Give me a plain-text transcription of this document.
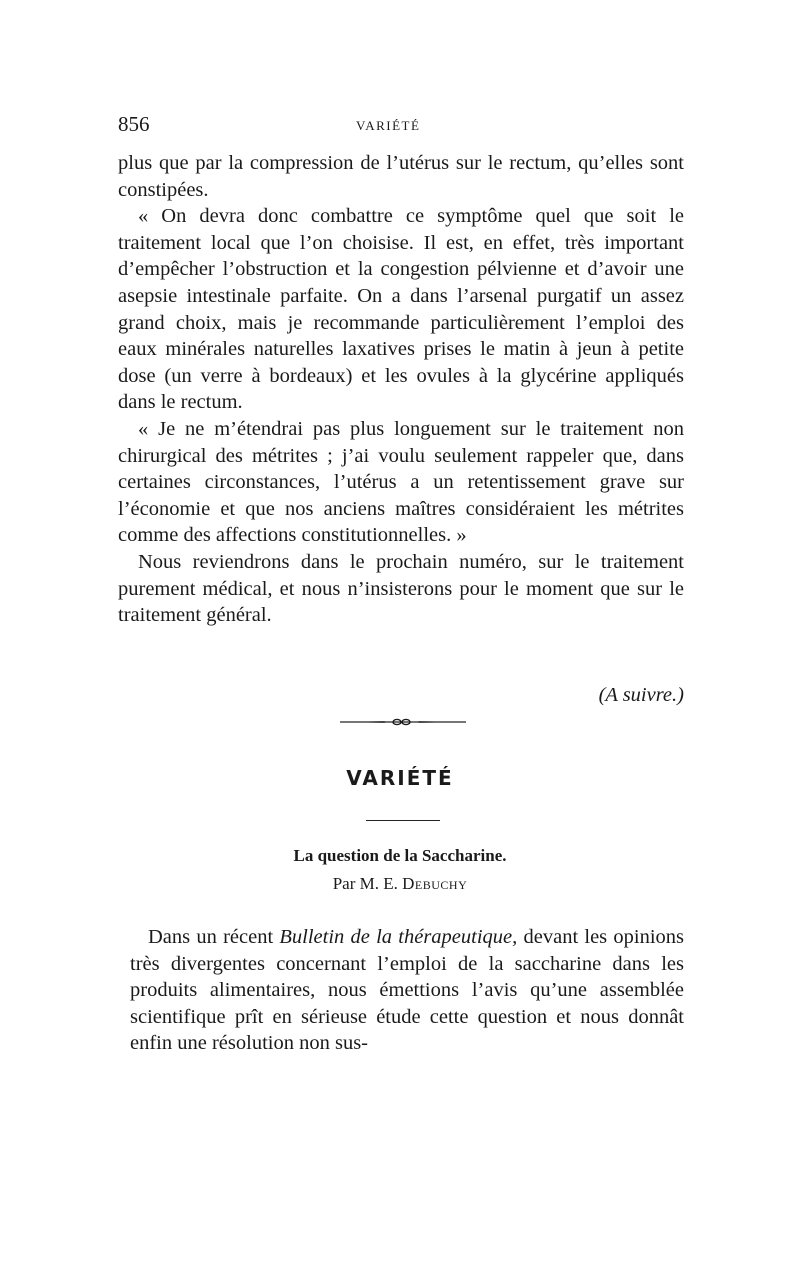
856	VARIÉTÉ

plus que par la compression de l’utérus sur le rectum, qu’elles sont constipées.

« On devra donc combattre ce symptôme quel que soit le traitement local que l’on choisise. Il est, en effet, très important d’empêcher l’obstruction et la congestion pélvienne et d’avoir une asepsie intestinale parfaite. On a dans l’arsenal purgatif un assez grand choix, mais je recommande particulièrement l’emploi des eaux minérales naturelles laxatives prises le matin à jeun à petite dose (un verre à bordeaux) et les ovules à la glycérine appliqués dans le rectum.

« Je ne m’étendrai pas plus longuement sur le traitement non chirurgical des métrites ; j’ai voulu seulement rappeler que, dans certaines circonstances, l’utérus a un retentissement grave sur l’économie et que nos anciens maîtres considéraient les métrites comme des affections constitutionnelles. »

Nous reviendrons dans le prochain numéro, sur le traitement purement médical, et nous n’insisterons pour le moment que sur le traitement général.

(A suivre.)
VARIÉTÉ
La question de la Saccharine.
Par M. E. Debuchy

Dans un récent Bulletin de la thérapeutique, devant les opinions très divergentes concernant l’emploi de la saccharine dans les produits alimentaires, nous émettions l’avis qu’une assemblée scientifique prît en sérieuse étude cette question et nous donnât enfin une résolution non sus-
